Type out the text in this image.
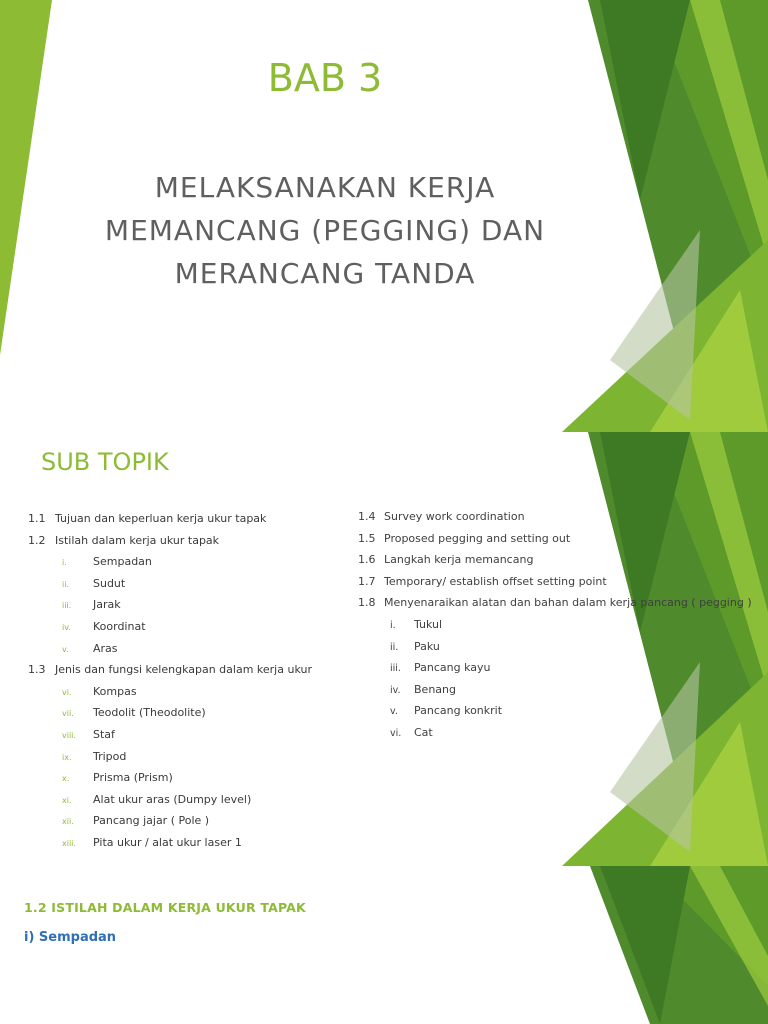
BAB 3
MELAKSANAKAN KERJA
MEMANCANG (PEGGING) DAN
MERANCANG TANDA
SUB TOPIK
1.1 Tujuan dan keperluan kerja ukur tapak
1.2 Istilah dalam kerja ukur tapak
i. Sempadan
ii. Sudut
iii. Jarak
iv. Koordinat
v. Aras
1.3 Jenis dan fungsi kelengkapan dalam kerja ukur
vi. Kompas
vii. Teodolit (Theodolite)
viii. Staf
ix. Tripod
x. Prisma (Prism)
xi. Alat ukur aras (Dumpy level)
xii. Pancang jajar ( Pole )
xiii. Pita ukur / alat ukur laser 1
1.4 Survey work coordination
1.5 Proposed pegging and setting out
1.6 Langkah kerja memancang
1.7 Temporary/ establish offset setting point
1.8 Menyenaraikan alatan dan bahan dalam kerja pancang ( pegging )
i. Tukul
ii. Paku
iii. Pancang kayu
iv. Benang
v. Pancang konkrit
vi. Cat
1.2 ISTILAH DALAM KERJA UKUR TAPAK
i) Sempadan
